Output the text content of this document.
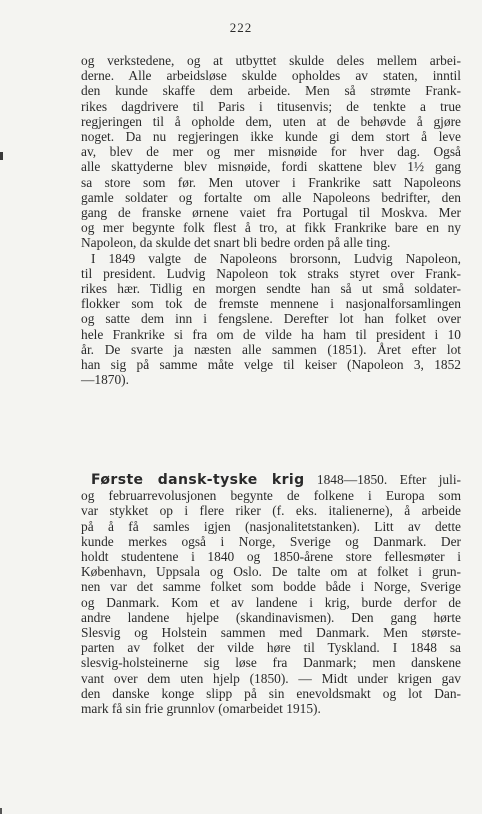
222
og verkstedene, og at utbyttet skulde deles mellem arbei-
derne. Alle arbeidsløse skulde opholdes av staten, inntil
den kunde skaffe dem arbeide. Men så strømte Frank-
rikes dagdrivere til Paris i titusenvis; de tenkte a true
regjeringen til å opholde dem, uten at de behøvde å gjøre
noget. Da nu regjeringen ikke kunde gi dem stort å leve
av, blev de mer og mer misnøide for hver dag. Også
alle skattyderne blev misnøide, fordi skattene blev 1½ gang
sa store som før. Men utover i Frankrike satt Napoleons
gamle soldater og fortalte om alle Napoleons bedrifter, den
gang de franske ørnene vaiet fra Portugal til Moskva. Mer
og mer begynte folk flest å tro, at fikk Frankrike bare en ny
Napoleon, da skulde det snart bli bedre orden på alle ting.
I 1849 valgte de Napoleons brorsonn, Ludvig Napoleon,
til president. Ludvig Napoleon tok straks styret over Frank-
rikes hær. Tidlig en morgen sendte han så ut små soldater-
flokker som tok de fremste mennene i nasjonalforsamlingen
og satte dem inn i fengslene. Derefter lot han folket over
hele Frankrike si fra om de vilde ha ham til president i 10
år. De svarte ja næsten alle sammen (1851). Året efter lot
han sig på samme måte velge til keiser (Napoleon 3, 1852
—1870).
Første dansk-tyske krig 1848—1850. Efter juli-
og februarrevolusjonen begynte de folkene i Europa som
var stykket op i flere riker (f. eks. italienerne), å arbeide
på å få samles igjen (nasjonalitetstanken). Litt av dette
kunde merkes også i Norge, Sverige og Danmark. Der
holdt studentene i 1840 og 1850-årene store fellesmøter i
København, Uppsala og Oslo. De talte om at folket i grun-
nen var det samme folket som bodde både i Norge, Sverige
og Danmark. Kom et av landene i krig, burde derfor de
andre landene hjelpe (skandinavismen). Den gang hørte
Slesvig og Holstein sammen med Danmark. Men største-
parten av folket der vilde høre til Tyskland. I 1848 sa
slesvig-holsteinerne sig løse fra Danmark; men danskene
vant over dem uten hjelp (1850). — Midt under krigen gav
den danske konge slipp på sin enevoldsmakt og lot Dan-
mark få sin frie grunnlov (omarbeidet 1915).
